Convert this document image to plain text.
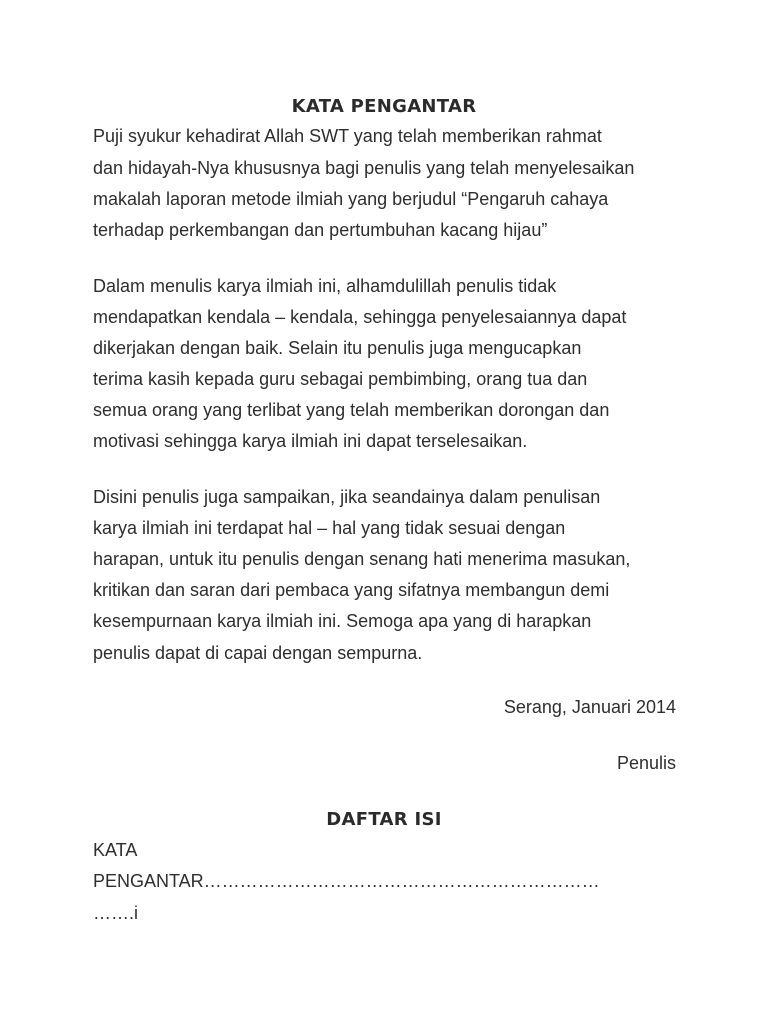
KATA PENGANTAR

Puji syukur kehadirat Allah SWT yang telah memberikan rahmat

dan hidayah-Nya khususnya bagi penulis yang telah menyelesaikan

makalah laporan metode ilmiah yang berjudul “Pengaruh cahaya

terhadap perkembangan dan pertumbuhan kacang hijau”

Dalam menulis karya ilmiah ini, alhamdulillah penulis tidak

mendapatkan kendala – kendala, sehingga penyelesaiannya dapat

dikerjakan dengan baik. Selain itu penulis juga mengucapkan

terima kasih kepada guru sebagai pembimbing, orang tua dan

semua orang yang terlibat yang telah memberikan dorongan dan

motivasi sehingga karya ilmiah ini dapat terselesaikan.

Disini penulis juga sampaikan, jika seandainya dalam penulisan

karya ilmiah ini terdapat hal – hal yang tidak sesuai dengan

harapan, untuk itu penulis dengan senang hati menerima masukan,

kritikan dan saran dari pembaca yang sifatnya membangun demi

kesempurnaan karya ilmiah ini. Semoga apa yang di harapkan

penulis dapat di capai dengan sempurna.

Serang, Januari 2014

Penulis

DAFTAR ISI

KATA

PENGANTAR…………………………………………………………

…….i
